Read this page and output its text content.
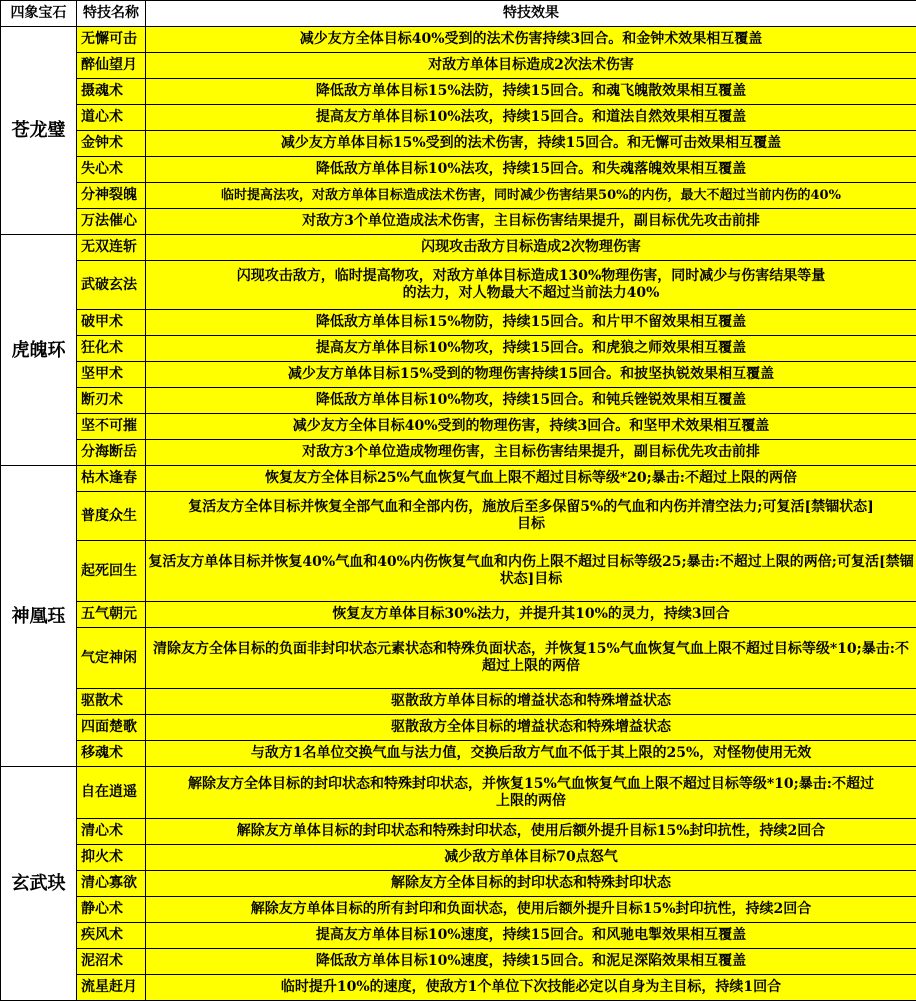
四象宝石	特技名称	特技效果
苍龙璧	无懈可击	减少友方全体目标40%受到的法术伤害持续3回合。和金钟术效果相互覆盖
	醉仙望月	对敌方单体目标造成2次法术伤害
	摄魂术	降低敌方单体目标15%法防，持续15回合。和魂飞魄散效果相互覆盖
	道心术	提高友方单体目标10%法攻，持续15回合。和道法自然效果相互覆盖
	金钟术	减少友方单体目标15%受到的法术伤害，持续15回合。和无懈可击效果相互覆盖
	失心术	降低敌方单体目标10%法攻，持续15回合。和失魂落魄效果相互覆盖
	分神裂魄	临时提高法攻，对敌方单体目标造成法术伤害，同时减少伤害结果50%的内伤，最大不超过当前内伤的40%
	万法催心	对敌方3个单位造成法术伤害，主目标伤害结果提升，副目标优先攻击前排
虎魄环	无双连斩	闪现攻击敌方目标造成2次物理伤害
	武破玄法	闪现攻击敌方，临时提高物攻，对敌方单体目标造成130%物理伤害，同时减少与伤害结果等量的法力，对人物最大不超过当前法力40%
	破甲术	降低敌方单体目标15%物防，持续15回合。和片甲不留效果相互覆盖
	狂化术	提高友方单体目标10%物攻，持续15回合。和虎狼之师效果相互覆盖
	坚甲术	减少友方单体目标15%受到的物理伤害持续15回合。和披坚执锐效果相互覆盖
	断刃术	降低敌方单体目标10%物攻，持续15回合。和钝兵锉锐效果相互覆盖
	坚不可摧	减少友方全体目标40%受到的物理伤害，持续3回合。和坚甲术效果相互覆盖
	分海断岳	对敌方3个单位造成物理伤害，主目标伤害结果提升，副目标优先攻击前排
神凰珏	枯木逢春	恢复友方全体目标25%气血恢复气血上限不超过目标等级*20;暴击:不超过上限的两倍
	普度众生	复活友方全体目标并恢复全部气血和全部内伤，施放后至多保留5%的气血和内伤并清空法力;可复活[禁锢状态]目标
	起死回生	复活友方单体目标并恢复40%气血和40%内伤恢复气血和内伤上限不超过目标等级25;暴击:不超过上限的两倍;可复活[禁锢状态]目标
	五气朝元	恢复友方单体目标30%法力，并提升其10%的灵力，持续3回合
	气定神闲	清除友方全体目标的负面非封印状态元素状态和特殊负面状态，并恢复15%气血恢复气血上限不超过目标等级*10;暴击:不超过上限的两倍
	驱散术	驱散敌方单体目标的增益状态和特殊增益状态
	四面楚歌	驱散敌方全体目标的增益状态和特殊增益状态
	移魂术	与敌方1名单位交换气血与法力值，交换后敌方气血不低于其上限的25%，对怪物使用无效
玄武玦	自在逍遥	解除友方全体目标的封印状态和特殊封印状态，并恢复15%气血恢复气血上限不超过目标等级*10;暴击:不超过上限的两倍
	清心术	解除友方单体目标的封印状态和特殊封印状态，使用后额外提升目标15%封印抗性，持续2回合
	抑火术	减少敌方单体目标70点怒气
	清心寡欲	解除友方全体目标的封印状态和特殊封印状态
	静心术	解除友方单体目标的所有封印和负面状态，使用后额外提升目标15%封印抗性，持续2回合
	疾风术	提高友方单体目标10%速度，持续15回合。和风驰电掣效果相互覆盖
	泥沼术	降低敌方单体目标10%速度，持续15回合。和泥足深陷效果相互覆盖
	流星赶月	临时提升10%的速度，使敌方1个单位下次技能必定以自身为主目标，持续1回合
